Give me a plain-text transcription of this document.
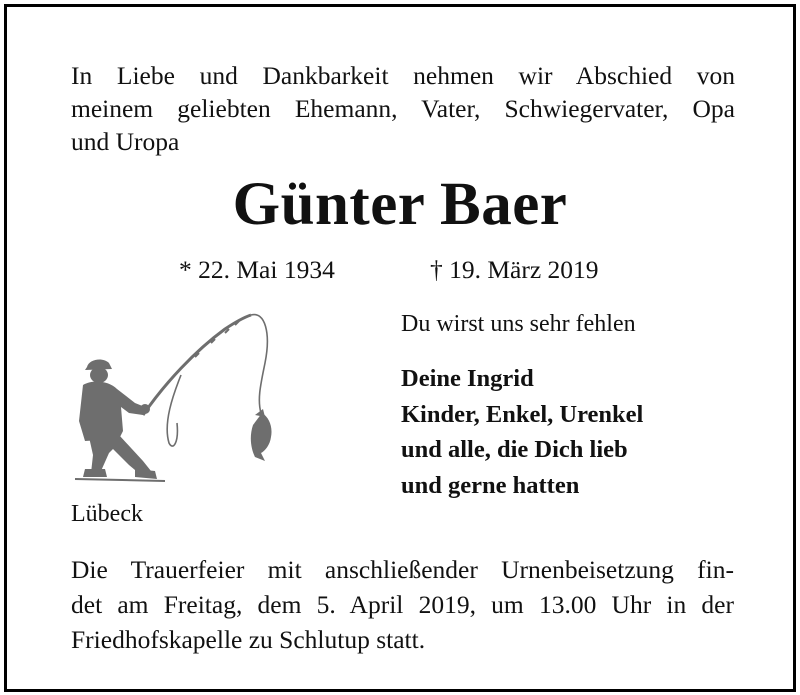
In Liebe und Dankbarkeit nehmen wir Abschied von
meinem geliebten Ehemann, Vater, Schwiegervater, Opa
und Uropa
Günter Baer
* 22. Mai 1934	† 19. März 2019
Du wirst uns sehr fehlen
Deine Ingrid
Kinder, Enkel, Urenkel
und alle, die Dich lieb
und gerne hatten
Lübeck
Die Trauerfeier mit anschließender Urnenbeisetzung fin-
det am Freitag, dem 5. April 2019, um 13.00 Uhr in der
Friedhofskapelle zu Schlutup statt.
